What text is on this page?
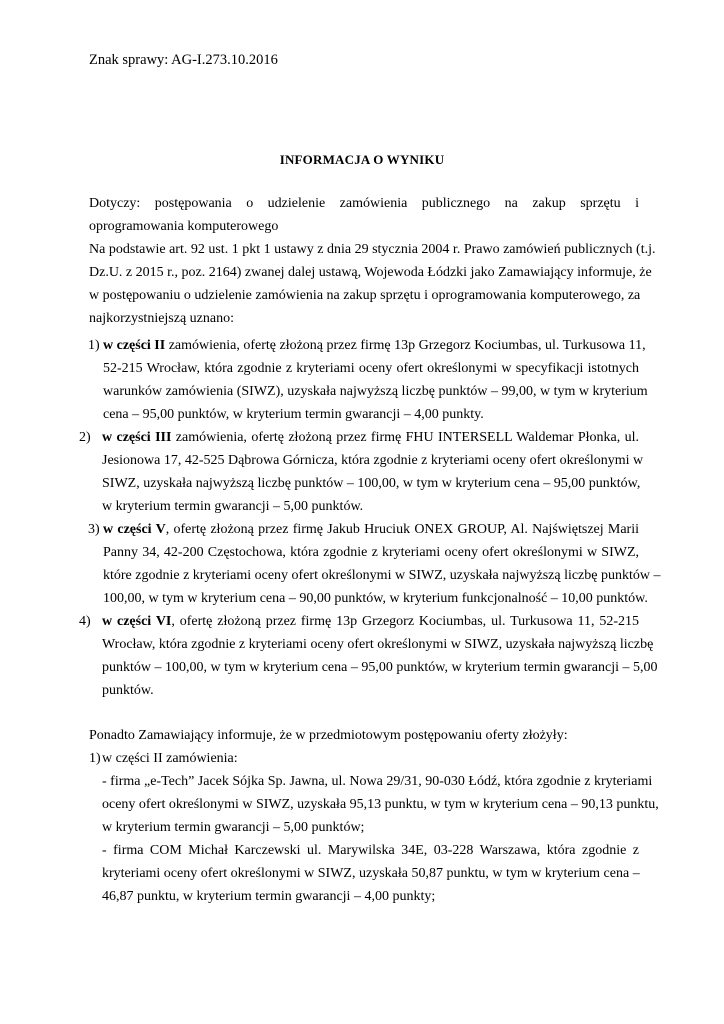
Znak sprawy: AG-I.273.10.2016
INFORMACJA O WYNIKU
Dotyczy: postępowania o udzielenie zamówienia publicznego na zakup sprzętu i
oprogramowania komputerowego
Na podstawie art. 92 ust. 1 pkt 1 ustawy z dnia 29 stycznia 2004 r. Prawo zamówień publicznych (t.j.
Dz.U. z 2015 r., poz. 2164) zwanej dalej ustawą, Wojewoda Łódzki jako Zamawiający informuje, że
w postępowaniu o udzielenie zamówienia na zakup sprzętu i oprogramowania komputerowego, za
najkorzystniejszą uznano:
1) w części II zamówienia, ofertę złożoną przez firmę 13p Grzegorz Kociumbas, ul. Turkusowa 11,
52-215 Wrocław, która zgodnie z kryteriami oceny ofert określonymi w specyfikacji istotnych
warunków zamówienia (SIWZ), uzyskała najwyższą liczbę punktów – 99,00, w tym w kryterium
cena – 95,00 punktów, w kryterium termin gwarancji – 4,00 punkty.
2) w części III zamówienia, ofertę złożoną przez firmę FHU INTERSELL Waldemar Płonka, ul.
Jesionowa 17, 42-525 Dąbrowa Górnicza, która zgodnie z kryteriami oceny ofert określonymi w
SIWZ, uzyskała najwyższą liczbę punktów – 100,00, w tym w kryterium cena – 95,00 punktów,
w kryterium termin gwarancji – 5,00 punktów.
3) w części V, ofertę złożoną przez firmę Jakub Hruciuk ONEX GROUP, Al. Najświętszej Marii
Panny 34, 42-200 Częstochowa, która zgodnie z kryteriami oceny ofert określonymi w SIWZ,
które zgodnie z kryteriami oceny ofert określonymi w SIWZ, uzyskała najwyższą liczbę punktów –
100,00, w tym w kryterium cena – 90,00 punktów, w kryterium funkcjonalność – 10,00 punktów.
4) w części VI, ofertę złożoną przez firmę 13p Grzegorz Kociumbas, ul. Turkusowa 11, 52-215
Wrocław, która zgodnie z kryteriami oceny ofert określonymi w SIWZ, uzyskała najwyższą liczbę
punktów – 100,00, w tym w kryterium cena – 95,00 punktów, w kryterium termin gwarancji – 5,00
punktów.
Ponadto Zamawiający informuje, że w przedmiotowym postępowaniu oferty złożyły:
1) w części II zamówienia:
- firma „e-Tech” Jacek Sójka Sp. Jawna, ul. Nowa 29/31, 90-030 Łódź, która zgodnie z kryteriami
oceny ofert określonymi w SIWZ, uzyskała 95,13 punktu, w tym w kryterium cena – 90,13 punktu,
w kryterium termin gwarancji – 5,00 punktów;
- firma COM Michał Karczewski ul. Marywilska 34E, 03-228 Warszawa, która zgodnie z
kryteriami oceny ofert określonymi w SIWZ, uzyskała 50,87 punktu, w tym w kryterium cena –
46,87 punktu, w kryterium termin gwarancji – 4,00 punkty;
